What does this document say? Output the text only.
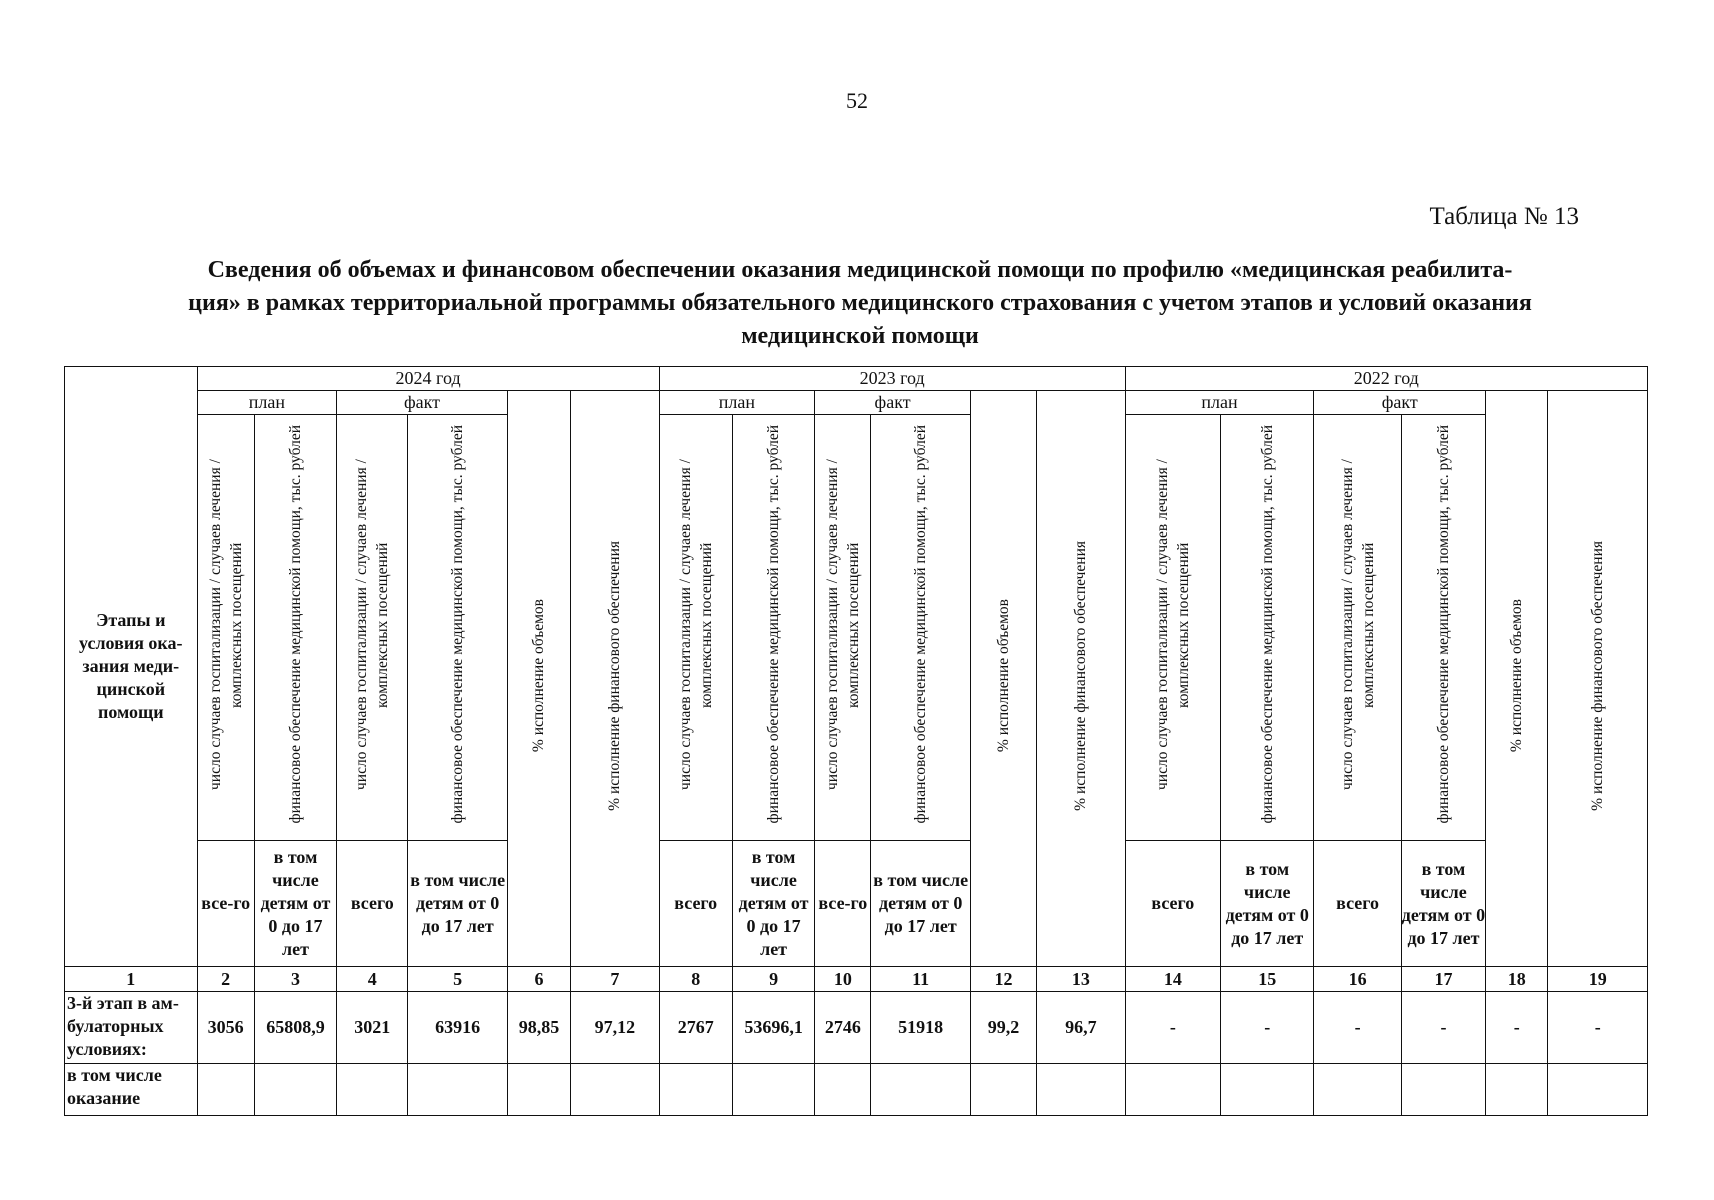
52
Таблица № 13
Сведения об объемах и финансовом обеспечении оказания медицинской помощи по профилю «медицинская реабилита-
ция» в рамках территориальной программы обязательного медицинского страхования с учетом этапов и условий оказания
медицинской помощи
Этапы и условия ока-зания меди-цинской помощи	2024 год						2023 год						2022 год					
	план		факт		% исполнение объемов	% исполнение финансового обеспечения	план		факт		% исполнение объемов	% исполнение финансового обеспечения	план		факт		% исполнение объемов	% исполнение финансового обеспечения
	число случаев госпитализации / случаев лечения / комплексных посещений	финансовое обеспечение медицинской помощи, тыс. рублей	число случаев госпитализации / случаев лечения / комплексных посещений	финансовое обеспечение медицинской помощи, тыс. рублей			число случаев госпитализации / случаев лечения / комплексных посещений	финансовое обеспечение медицинской помощи, тыс. рублей	число случаев госпитализации / случаев лечения / комплексных посещений	финансовое обеспечение медицинской помощи, тыс. рублей			число случаев госпитализации / случаев лечения / комплексных посещений	финансовое обеспечение медицинской помощи, тыс. рублей	число случаев госпитализации / случаев лечения / комплексных посещений	финансовое обеспечение медицинской помощи, тыс. рублей		
	все-го	в том числе детям от 0 до 17 лет	всего	в том числе детям от 0 до 17 лет			всего	в том числе детям от 0 до 17 лет	все-го	в том числе детям от 0 до 17 лет			всего	в том числе детям от 0 до 17 лет	всего	в том числе детям от 0 до 17 лет		
1	2	3	4	5	6	7	8	9	10	11	12	13	14	15	16	17	18	19
3-й этап в ам-булаторных условиях:	3056	65808,9	3021	63916	98,85	97,12	2767	53696,1	2746	51918	99,2	96,7	-	-	-	-	-	-
в том числе оказание																		
